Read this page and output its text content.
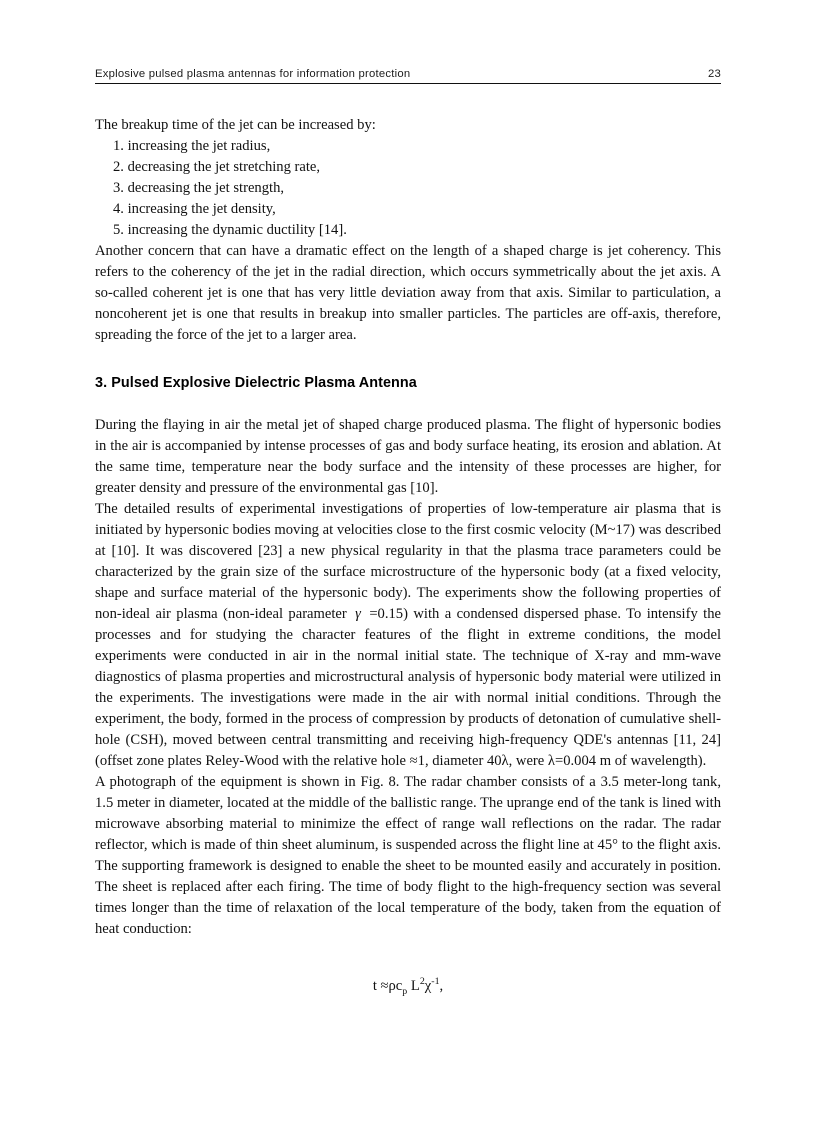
Explosive pulsed plasma antennas for information protection	23

The breakup time of the jet can be increased by:

1. increasing the jet radius,
2. decreasing the jet stretching rate,
3. decreasing the jet strength,
4. increasing the jet density,
5. increasing the dynamic ductility [14].

Another concern that can have a dramatic effect on the length of a shaped charge is jet coherency. This refers to the coherency of the jet in the radial direction, which occurs symmetrically about the jet axis. A so-called coherent jet is one that has very little deviation away from that axis. Similar to particulation, a noncoherent jet is one that results in breakup into smaller particles. The particles are off-axis, therefore, spreading the force of the jet to a larger area.

3. Pulsed Explosive Dielectric Plasma Antenna

During the flaying in air the metal jet of shaped charge produced plasma. The flight of hypersonic bodies in the air is accompanied by intense processes of gas and body surface heating, its erosion and ablation. At the same time, temperature near the body surface and the intensity of these processes are higher, for greater density and pressure of the environmental gas [10].

The detailed results of experimental investigations of properties of low-temperature air plasma that is initiated by hypersonic bodies moving at velocities close to the first cosmic velocity (M~17) was described at [10]. It was discovered [23] a new physical regularity in that the plasma trace parameters could be characterized by the grain size of the surface microstructure of the hypersonic body (at a fixed velocity, shape and surface material of the hypersonic body). The experiments show the following properties of non-ideal air plasma (non-ideal parameter γ =0.15) with a condensed dispersed phase. To intensify the processes and for studying the character features of the flight in extreme conditions, the model experiments were conducted in air in the normal initial state. The technique of X-ray and mm-wave diagnostics of plasma properties and microstructural analysis of hypersonic body material were utilized in the experiments. The investigations were made in the air with normal initial conditions. Through the experiment, the body, formed in the process of compression by products of detonation of cumulative shell-hole (CSH), moved between central transmitting and receiving high-frequency QDE's antennas [11, 24] (offset zone plates Reley-Wood with the relative hole ≈1, diameter 40λ, were λ=0.004 m of wavelength).

A photograph of the equipment is shown in Fig. 8. The radar chamber consists of a 3.5 meter-long tank, 1.5 meter in diameter, located at the middle of the ballistic range. The uprange end of the tank is lined with microwave absorbing material to minimize the effect of range wall reflections on the radar. The radar reflector, which is made of thin sheet aluminum, is suspended across the flight line at 45° to the flight axis. The supporting framework is designed to enable the sheet to be mounted easily and accurately in position. The sheet is replaced after each firing. The time of body flight to the high-frequency section was several times longer than the time of relaxation of the local temperature of the body, taken from the equation of heat conduction:

$t \approx\rho c_p$ $L^2\chi^{-1}$,
